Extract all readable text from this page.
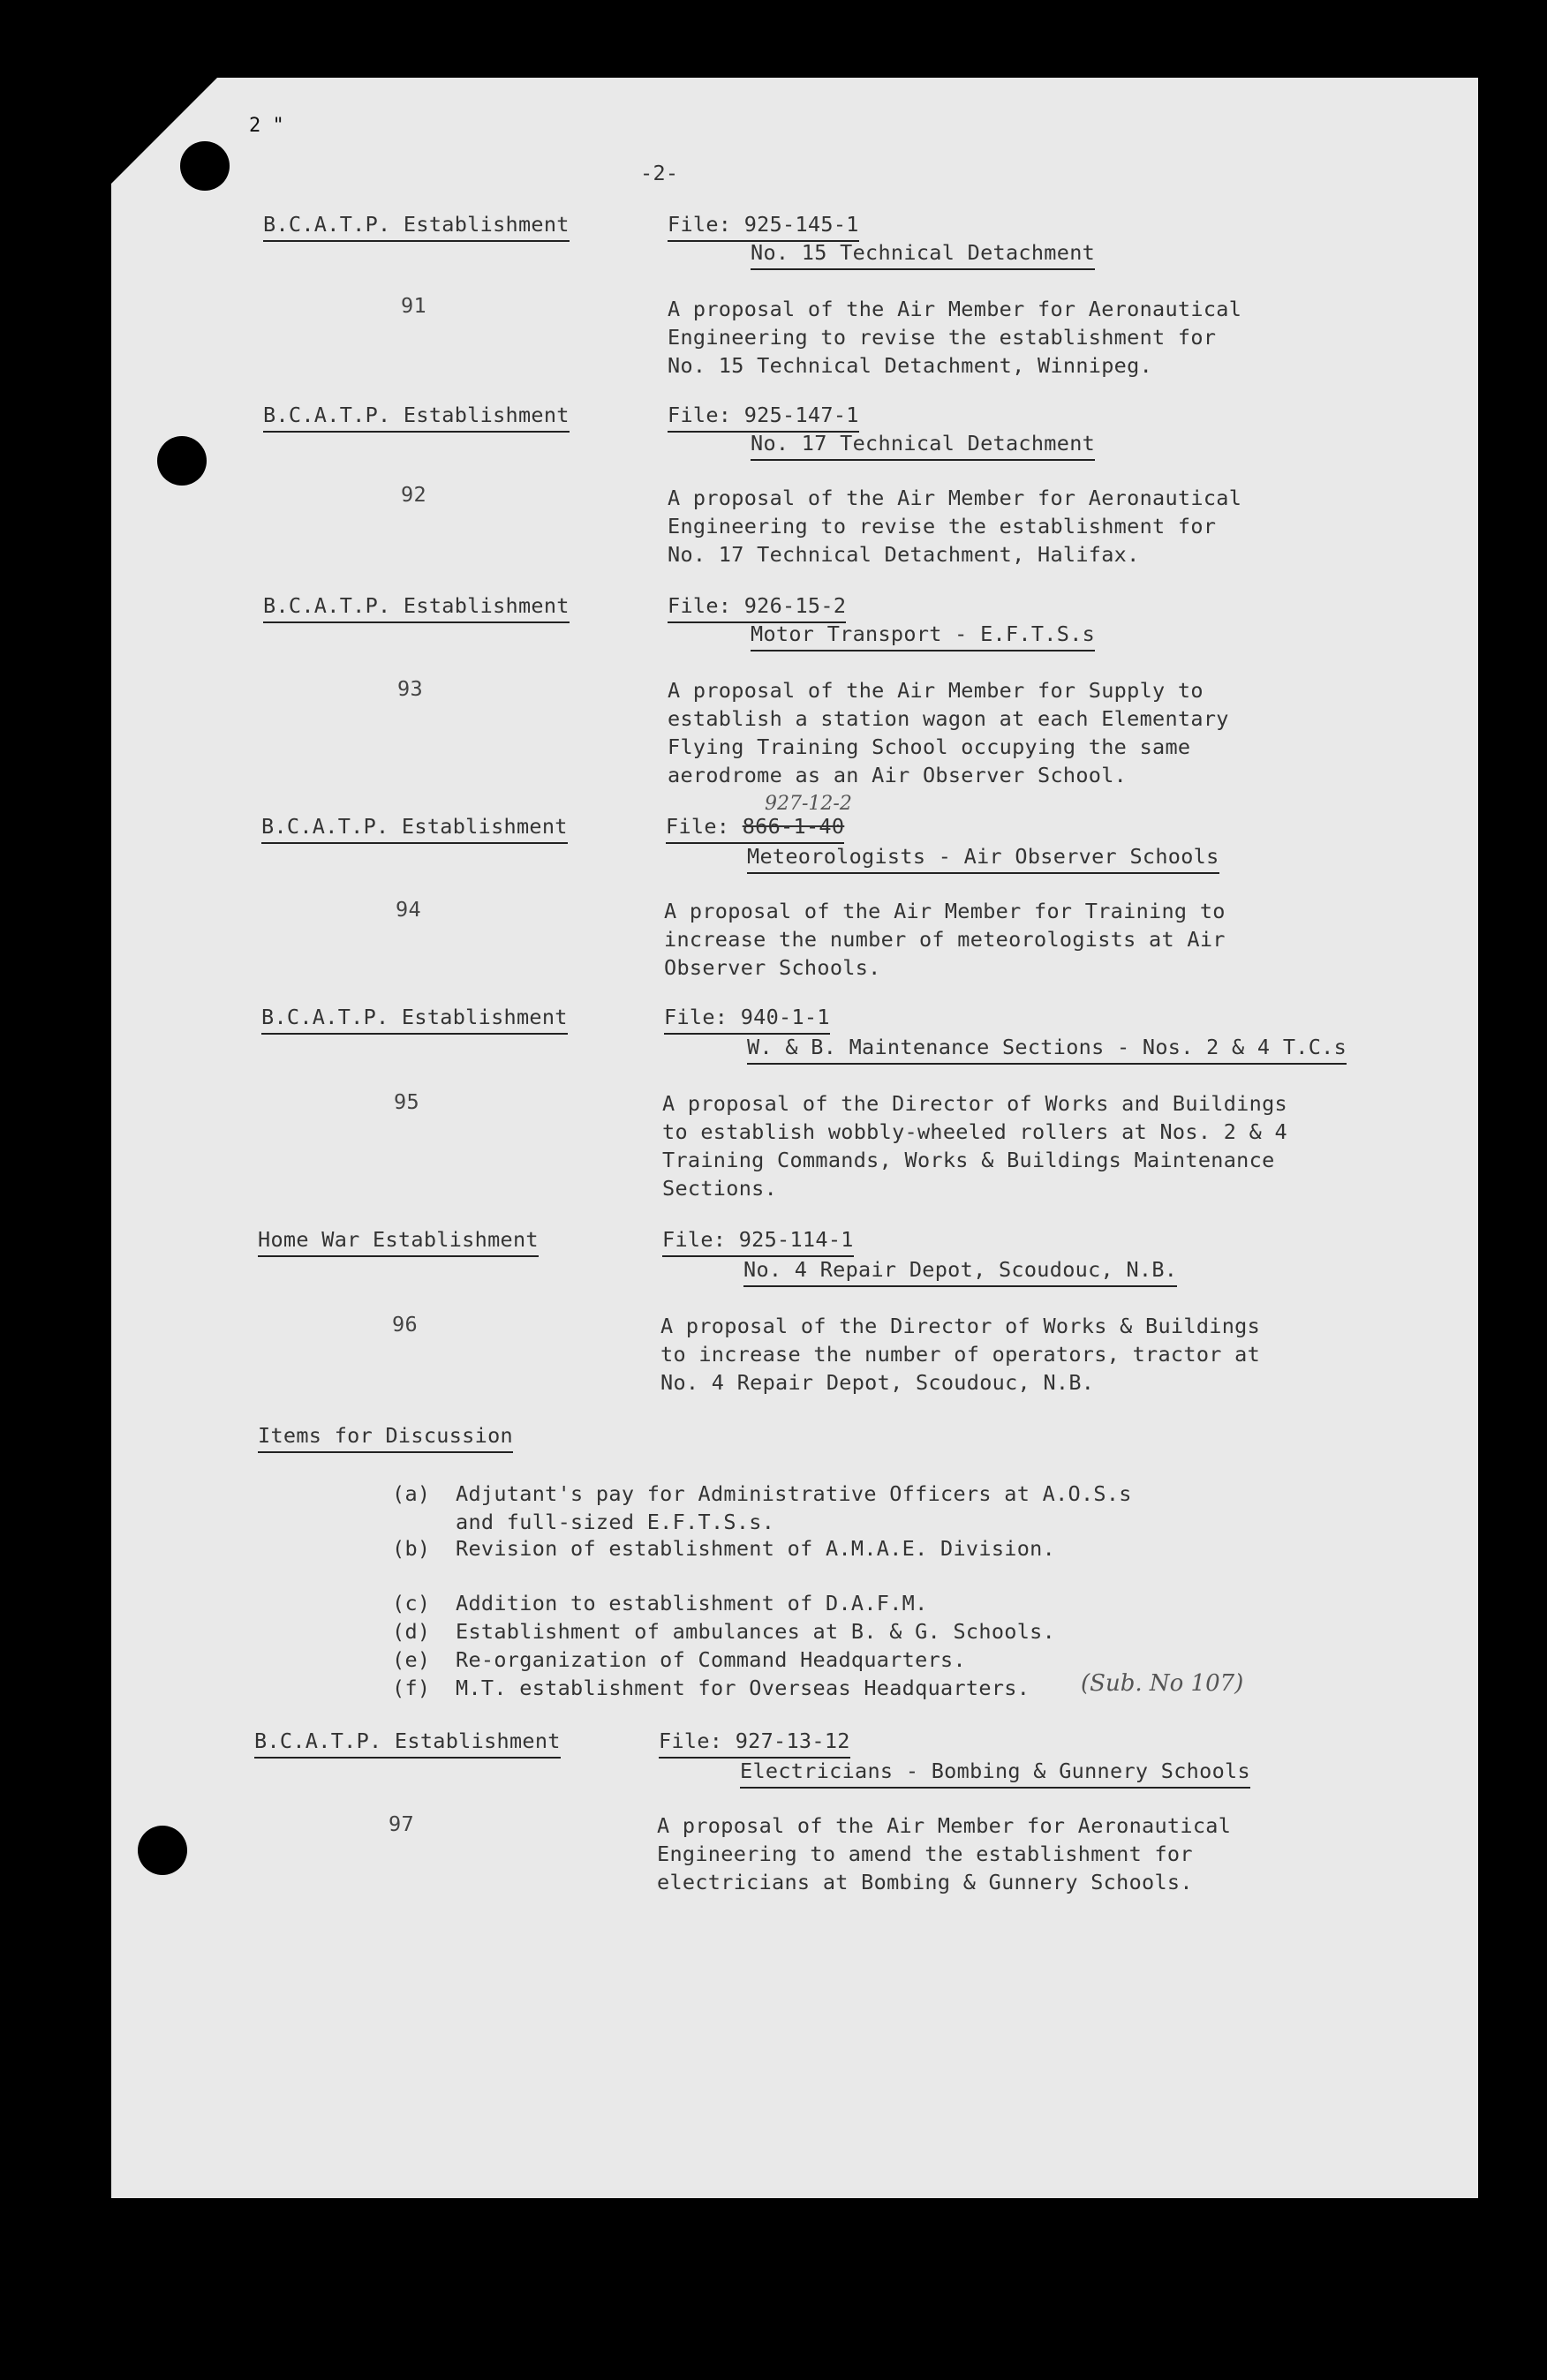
2 "
-2-
B.C.A.T.P. Establishment	File: 925-145-1
No. 15 Technical Detachment
91	A proposal of the Air Member for Aeronautical
Engineering to revise the establishment for
No. 15 Technical Detachment, Winnipeg.
B.C.A.T.P. Establishment	File: 925-147-1
No. 17 Technical Detachment
92	A proposal of the Air Member for Aeronautical
Engineering to revise the establishment for
No. 17 Technical Detachment, Halifax.
B.C.A.T.P. Establishment	File: 926-15-2
Motor Transport - E.F.T.S.s
93	A proposal of the Air Member for Supply to
establish a station wagon at each Elementary
Flying Training School occupying the same
aerodrome as an Air Observer School.
B.C.A.T.P. Establishment	File: 866-1-40
927-12-2
Meteorologists - Air Observer Schools
94	A proposal of the Air Member for Training to
increase the number of meteorologists at Air
Observer Schools.
B.C.A.T.P. Establishment	File: 940-1-1
W. & B. Maintenance Sections - Nos. 2 & 4 T.C.s
95	A proposal of the Director of Works and Buildings
to establish wobbly-wheeled rollers at Nos. 2 & 4
Training Commands, Works & Buildings Maintenance
Sections.
Home War Establishment	File: 925-114-1
No. 4 Repair Depot, Scoudouc, N.B.
96	A proposal of the Director of Works & Buildings
to increase the number of operators, tractor at
No. 4 Repair Depot, Scoudouc, N.B.
Items for Discussion
(a) Adjutant's pay for Administrative Officers at A.O.S.s
and full-sized E.F.T.S.s.
(b) Revision of establishment of A.M.A.E. Division.
(c) Addition to establishment of D.A.F.M.
(d) Establishment of ambulances at B. & G. Schools.
(e) Re-organization of Command Headquarters.
(f) M.T. establishment for Overseas Headquarters. (Sub. No 107)
B.C.A.T.P. Establishment	File: 927-13-12
Electricians - Bombing & Gunnery Schools
97	A proposal of the Air Member for Aeronautical
Engineering to amend the establishment for
electricians at Bombing & Gunnery Schools.
